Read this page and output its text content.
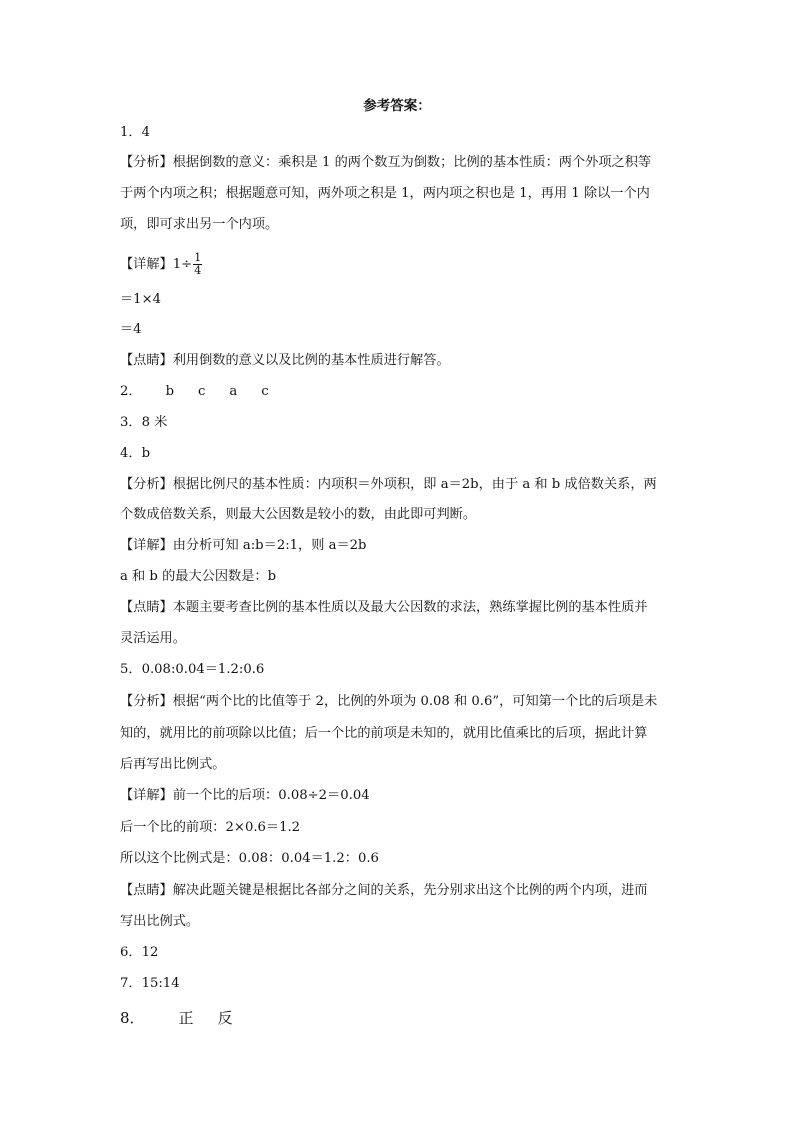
参考答案：
1．4
【分析】根据倒数的意义：乘积是 1 的两个数互为倒数；比例的基本性质：两个外项之积等
于两个内项之积；根据题意可知，两外项之积是 1，两内项之积也是 1，再用 1 除以一个内
项，即可求出另一个内项。
【详解】$1\div \frac{1}{4}$
＝1×4
＝4
【点睛】利用倒数的意义以及比例的基本性质进行解答。
2． b c a c
3．8 米
4．b
【分析】根据比例尺的基本性质：内项积＝外项积，即 a＝2b，由于 a 和 b 成倍数关系，两
个数成倍数关系，则最大公因数是较小的数，由此即可判断。
【详解】由分析可知 a:b＝2:1，则 a＝2b
a 和 b 的最大公因数是：b
【点睛】本题主要考查比例的基本性质以及最大公因数的求法，熟练掌握比例的基本性质并
灵活运用。
5．0.08:0.04＝1.2:0.6
【分析】根据“两个比的比值等于 2，比例的外项为 0.08 和 0.6”，可知第一个比的后项是未
知的，就用比的前项除以比值；后一个比的前项是未知的，就用比值乘比的后项，据此计算
后再写出比例式。
【详解】前一个比的后项：0.08÷2＝0.04
后一个比的前项：2×0.6＝1.2
所以这个比例式是：0.08：0.04＝1.2：0.6
【点睛】解决此题关键是根据比各部分之间的关系，先分别求出这个比例的两个内项，进而
写出比例式。
6．12
7．15:14
8． 正 反
